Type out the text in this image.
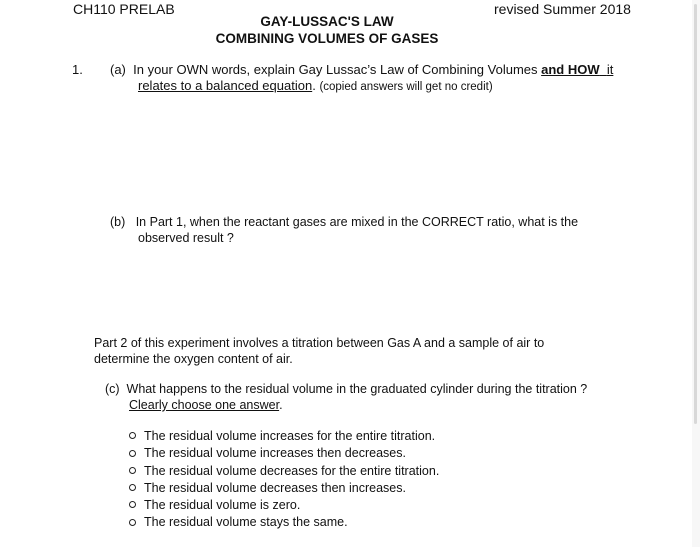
CH110 PRELAB	revised Summer 2018
GAY-LUSSAC'S LAW
COMBINING VOLUMES OF GASES
1. (a) In your OWN words, explain Gay Lussac’s Law of Combining Volumes and HOW it
relates to a balanced equation. (copied answers will get no credit)
(b) In Part 1, when the reactant gases are mixed in the CORRECT ratio, what is the
observed result ?
Part 2 of this experiment involves a titration between Gas A and a sample of air to
determine the oxygen content of air.
(c) What happens to the residual volume in the graduated cylinder during the titration ?
Clearly choose one answer.
The residual volume increases for the entire titration.
The residual volume increases then decreases.
The residual volume decreases for the entire titration.
The residual volume decreases then increases.
The residual volume is zero.
The residual volume stays the same.
